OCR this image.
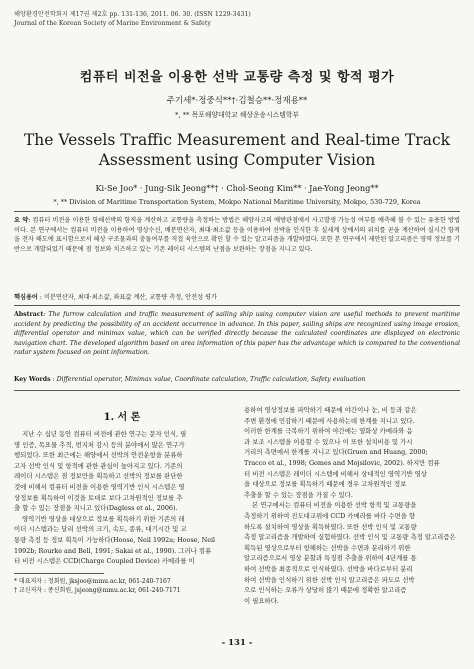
해양환경안전학회지 제17권 제2호 pp. 131-136, 2011. 06. 30. (ISSN 1229-3431)
Journal of the Korean Society of Marine Environment & Safety
컴퓨터 비전을 이용한 선박 교통량 측정 및 항적 평가
주기세*·정중식**†·김철승**·정재용**
*, ** 목포해양대학교 해상운송시스템학부
The Vessels Traffic Measurement and Real-time Track Assessment using Computer Vision
Ki-Se Joo* · Jung-Sik Jeong**† · Chol-Seong Kim** · Jae-Yong Jeong**
*, ** Division of Maritime Transportation System, Mokpo National Maritime University, Mokpo, 530-729, Korea
요 약: 컴퓨터 비전을 이용한 항해선박의 항적을 계산하고 교통량을 측정하는 방법은 해양사고의 예방관점에서 사고발생 가능성 여부를 예측해 볼 수 있는 유용한 방법이다. 본 연구에서는 컴퓨터 비전을 이용하여 영상수신, 배분연산자, 최대·최소값 등을 이용하여 선박을 인식한 후 실세계 상에서의 위치를 곧을 계산하여 실시간 항적을 전자 해도에 표시함으로서 해상 구조물과의 충돌여부를 직접 육안으로 확인 할 수 있는 알고리즘을 개발하였다. 또한 본 연구에서 제안된 알고리즘은 영역 정보를 기반으로 개발되었기 때문에 점 정보와 치즈하고 있는 기존 레이더 시스템의 난점을 보완하는 장점을 지니고 있다.
핵심용어 : 미분연산자, 최대·최소값, 좌표값 계산, 교통량 측정, 안전성 평가
Abstract: The furrow calculation and traffic measurement of sailing ship using computer vision are useful methods to prevent maritime accident by predicting the possibility of an accident occurrence in advance. In this paper, sailing ships are recognized using image erosion, differential operator and minimax value, which can be verified directly because the calculated coordinates are displayed on electronic navigation chart. The developed algorithm based on area information of this paper has the advantage which is compared to the conventional radar system focused on point information.
Key Words : Differential operator, Minimax value, Coordinate calculation, Traffic calculation, Safety evaluation
1. 서 론
지난 수 십년 동안 컴퓨터 비전에 관한 연구는 문자 인식, 필
명 인증, 목표물 추적, 번지처 감시 등의 분야에서 많은 연구가
행되었다. 또한 최근에는 해양에서 선박의 안전운항을 분류하
고자 선박 인식 및 항적에 관한 관심이 높아지고 있다. 기존의
레이더 시스템은 점 정보만을 획득하고 선박의 정보를 판단한
것에 비해서 컴퓨터 비전을 이용한 영역기반 인식 시스템은 영
상정보를 획득하여 이것을 토대로 보다 고차원적인 정보를 추
출 할 수 있는 장점을 지니고 있다(Dagless et al., 2006).
영역기반 영상을 대상으로 정보를 획득하기 위한 기존의 레
이더 시스템과는 달리 선박의 크기, 속도, 종류, 대기시간 및 교
통량 측정 등 정보 획득이 가능하다(Hoose, Neil 1992a; Hoose, Neil
1992b; Rourke and Bell, 1991; Sakai et al., 1990). 그러나 컴퓨
터 비전 시스템은 CCD(Charge Coupled Device) 카메라를 이
* 대표저자 : 정회원, jksjoo@mmu.ac.kr, 061-240-7167
† 교신저자 : 종신회원, jsjeong@mmu.ac.kr, 061-240-7171
용하여 영상정보를 파악하기 때문에 야간이나 눈, 비 등과 같은
주변 환경에 민감하기 때문에 사용하는데 한계를 지니고 있다.
이러한 한계를 극복하기 위하여 야간에는 열화상 카메라와 음
과 보조 시스템을 이용할 수 있으나 이 또한 설치비용 및 가시
거리의 측면에서 한계를 지니고 있다(Gruen and Huang, 2000;
Tracco et al., 1998; Gomes and Mojsilovic, 2002). 하지만 컴퓨
터 비전 시스템은 레이더 시스템에 비해서 상대적인 영역기반 영상
을 대상으로 정보를 획득하기 때문에 경우 고차원적인 정보
추출을 할 수 있는 장점을 가질 수 있다.
본 연구에서는 컴퓨터 비전을 이용한 선박 항적 및 교통량을
측정하기 위하여 진도대교위에 CCD 카메라를 바다 수면을 향
하도록 설치하여 영상을 획득하였다. 또한 선박 인식 및 교통량
측정 알고리즘을 개발하여 실험하였다. 선박 인식 및 교통량 측정 알고리즘은
획득된 영상으로부터 항해하는 선박을 수면과 분리하기 위한
알고리즘으로서 영상 분할과 특징점 추출을 위하여 4단계를 통
하여 선박을 최종적으로 인식하였다. 선박을 바다로부터 분리
하여 선박을 인식하기 위한 선박 인식 알고리즘은 파도로 선박
으로 인식하는 오류가 상당히 많기 때문에 정확한 알고리즘
이 필요하다.
- 131 -
